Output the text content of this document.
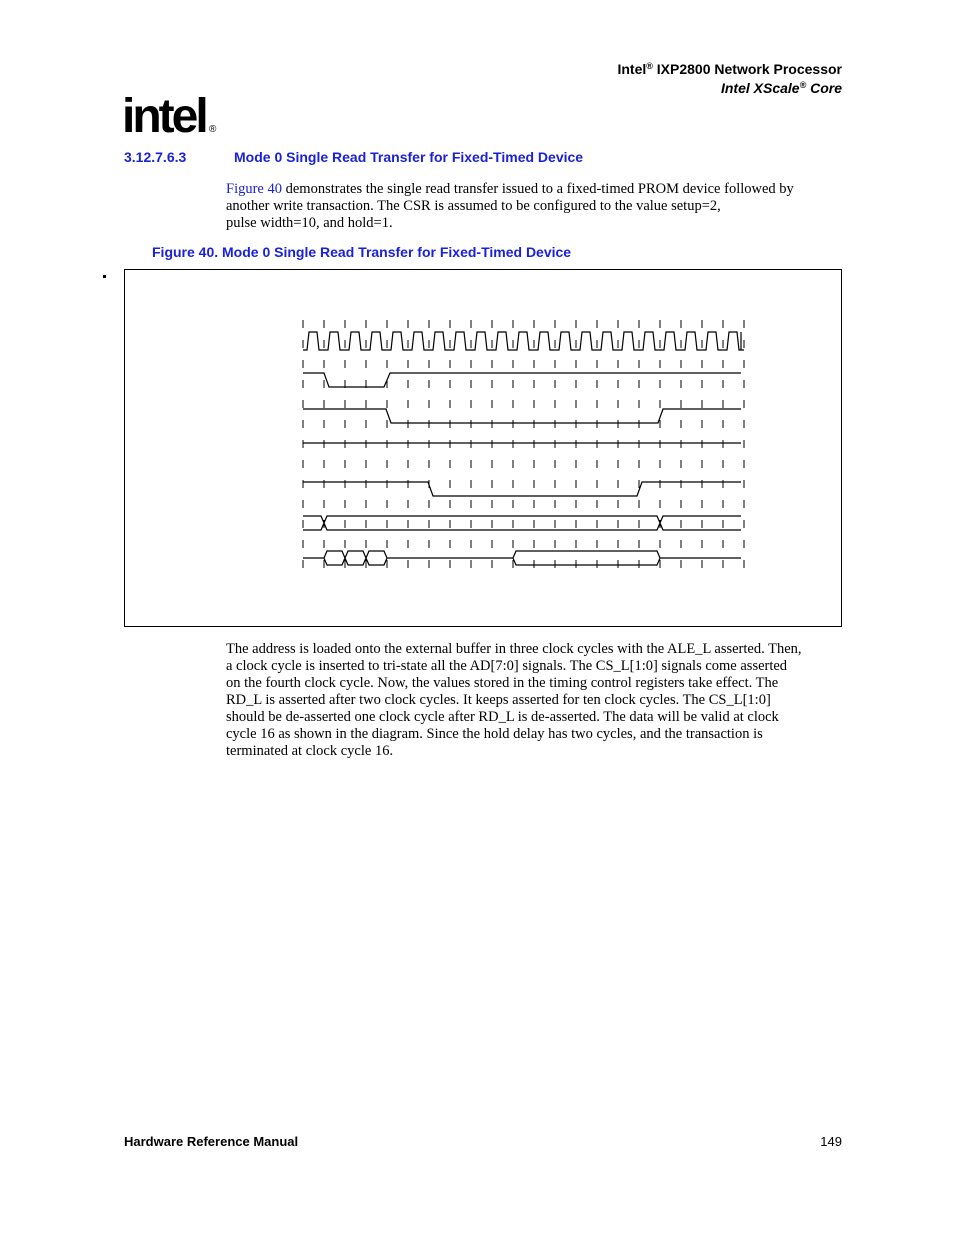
Intel® IXP2800 Network Processor
Intel XScale® Core
intel ®
3.12.7.6.3	Mode 0 Single Read Transfer for Fixed-Timed Device
Figure 40 demonstrates the single read transfer issued to a fixed-timed PROM device followed by
another write transaction. The CSR is assumed to be configured to the value setup=2,
pulse width=10, and hold=1.
Figure 40. Mode 0 Single Read Transfer for Fixed-Timed Device
The address is loaded onto the external buffer in three clock cycles with the ALE_L asserted. Then,
a clock cycle is inserted to tri-state all the AD[7:0] signals. The CS_L[1:0] signals come asserted
on the fourth clock cycle. Now, the values stored in the timing control registers take effect. The
RD_L is asserted after two clock cycles. It keeps asserted for ten clock cycles. The CS_L[1:0]
should be de-asserted one clock cycle after RD_L is de-asserted. The data will be valid at clock
cycle 16 as shown in the diagram. Since the hold delay has two cycles, and the transaction is
terminated at clock cycle 16.
Hardware Reference Manual	149
